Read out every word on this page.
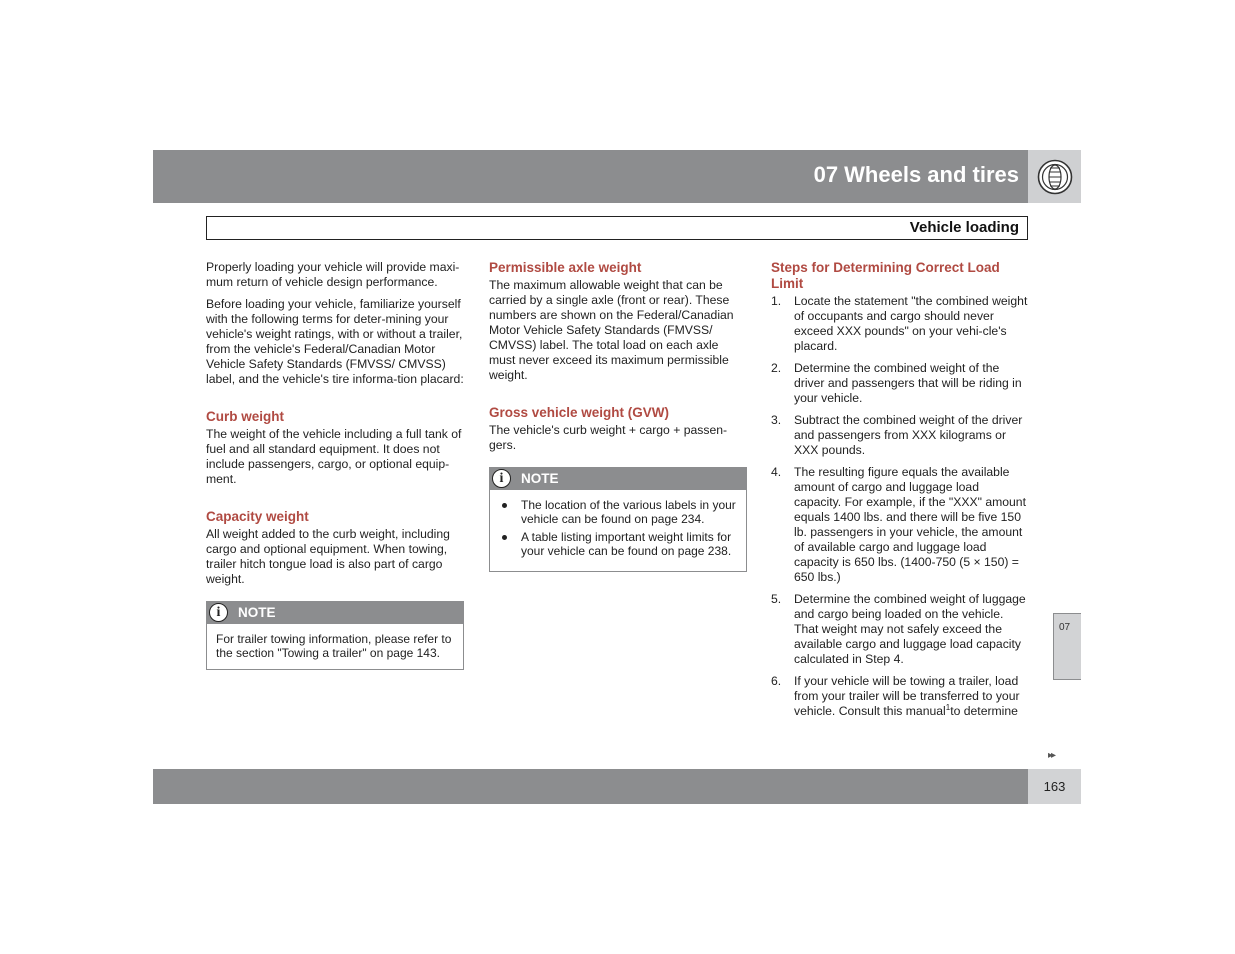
07 Wheels and tires
Vehicle loading

Properly loading your vehicle will provide maxi-mum return of vehicle design performance.

Before loading your vehicle, familiarize yourself with the following terms for deter-mining your vehicle's weight ratings, with or without a trailer, from the vehicle's Federal/Canadian Motor Vehicle Safety Standards (FMVSS/ CMVSS) label, and the vehicle's tire informa-tion placard:

Curb weight

The weight of the vehicle including a full tank of fuel and all standard equipment. It does not include passengers, cargo, or optional equip-ment.

Capacity weight

All weight added to the curb weight, including cargo and optional equipment. When towing, trailer hitch tongue load is also part of cargo weight.

i	NOTE
For trailer towing information, please refer to the section "Towing a trailer" on page 143.
Permissible axle weight

The maximum allowable weight that can be carried by a single axle (front or rear). These numbers are shown on the Federal/Canadian Motor Vehicle Safety Standards (FMVSS/ CMVSS) label. The total load on each axle must never exceed its maximum permissible weight.

Gross vehicle weight (GVW)

The vehicle's curb weight + cargo + passen-gers.

i	NOTE
The location of the various labels in your vehicle can be found on page 234.
A table listing important weight limits for your vehicle can be found on page 238.
Steps for Determining Correct Load Limit
1. Locate the statement "the combined weight of occupants and cargo should never exceed XXX pounds" on your vehi-cle's placard.
2. Determine the combined weight of the driver and passengers that will be riding in your vehicle.
3. Subtract the combined weight of the driver and passengers from XXX kilograms or XXX pounds.
4. The resulting figure equals the available amount of cargo and luggage load capacity. For example, if the "XXX" amount equals 1400 lbs. and there will be five 150 lb. passengers in your vehicle, the amount of available cargo and luggage load capacity is 650 lbs. (1400-750 (5 × 150) = 650 lbs.)
5. Determine the combined weight of luggage and cargo being loaded on the vehicle. That weight may not safely exceed the available cargo and luggage load capacity calculated in Step 4.
6. If your vehicle will be towing a trailer, load from your trailer will be transferred to your vehicle. Consult this manual$^1$to determine
07
▸▸
163
